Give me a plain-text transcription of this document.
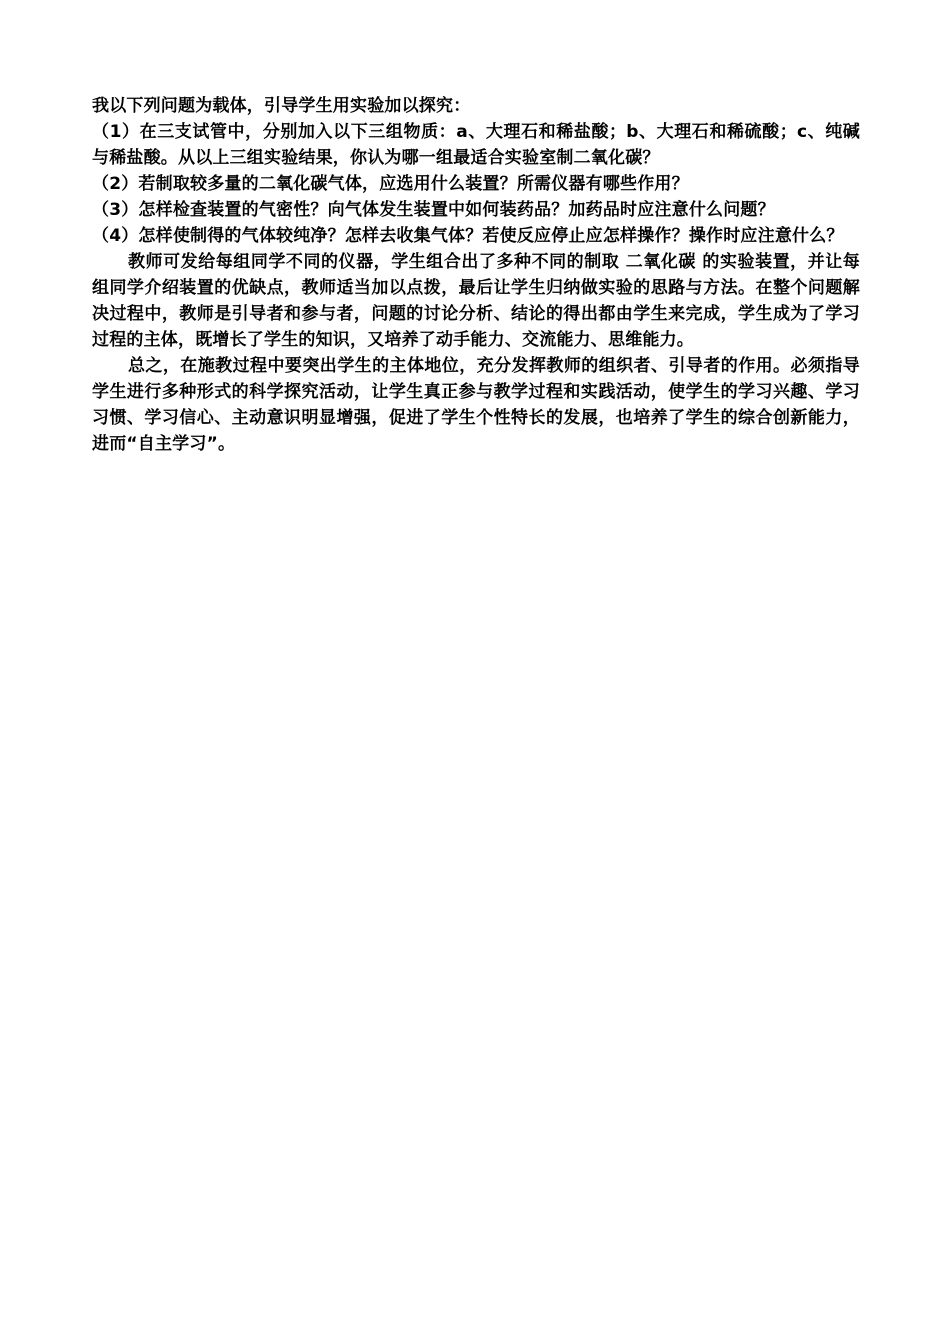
我以下列问题为载体，引导学生用实验加以探究：

（1）在三支试管中，分别加入以下三组物质：a、大理石和稀盐酸；b、大理石和稀硫酸；c、纯碱与稀盐酸。从以上三组实验结果，你认为哪一组最适合实验室制二氧化碳？

（2）若制取较多量的二氧化碳气体，应选用什么装置？所需仪器有哪些作用？

（3）怎样检查装置的气密性？向气体发生装置中如何装药品？加药品时应注意什么问题？

（4）怎样使制得的气体较纯净？怎样去收集气体？若使反应停止应怎样操作？操作时应注意什么？

教师可发给每组同学不同的仪器，学生组合出了多种不同的制取 二氧化碳 的实验装置，并让每组同学介绍装置的优缺点，教师适当加以点拨，最后让学生归纳做实验的思路与方法。在整个问题解决过程中，教师是引导者和参与者，问题的讨论分析、结论的得出都由学生来完成，学生成为了学习过程的主体，既增长了学生的知识，又培养了动手能力、交流能力、思维能力。

总之，在施教过程中要突出学生的主体地位，充分发挥教师的组织者、引导者的作用。必须指导学生进行多种形式的科学探究活动，让学生真正参与教学过程和实践活动，使学生的学习兴趣、学习习惯、学习信心、主动意识明显增强，促进了学生个性特长的发展，也培养了学生的综合创新能力，进而“自主学习”。
